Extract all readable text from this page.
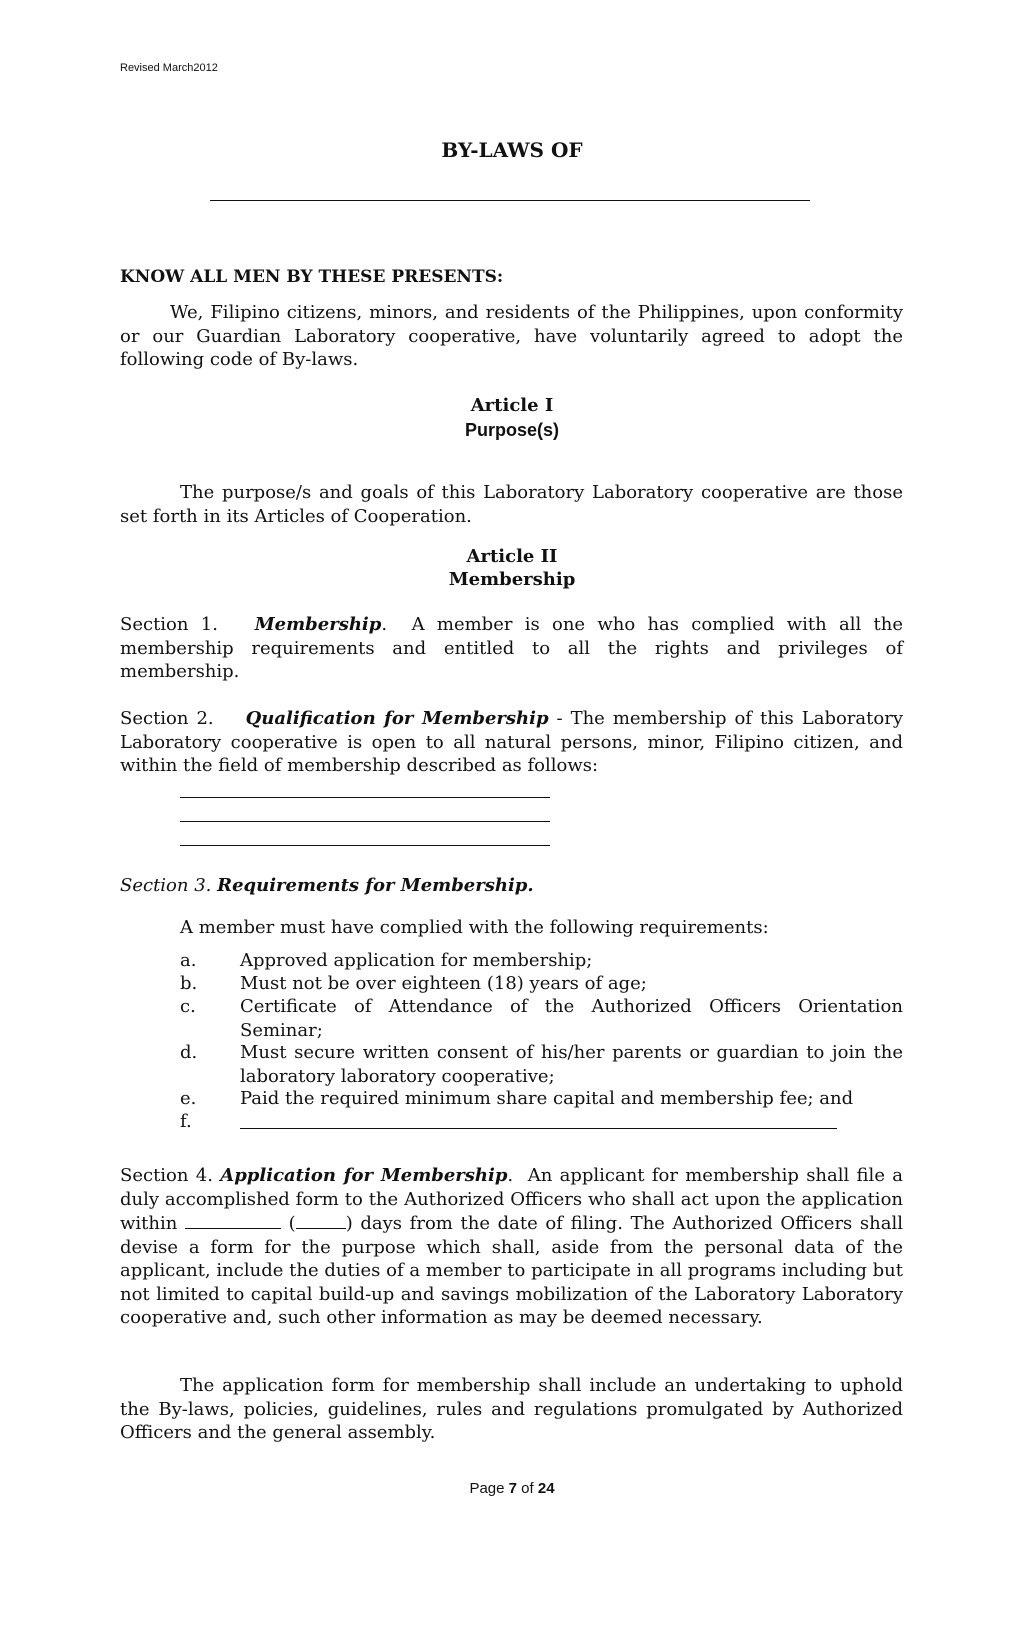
Revised March2012
BY-LAWS OF
KNOW ALL MEN BY THESE PRESENTS:
We, Filipino citizens, minors, and residents of the Philippines, upon conformity or our Guardian Laboratory cooperative, have voluntarily agreed to adopt the following code of By-laws.
Article I
Purpose(s)
The purpose/s and goals of this Laboratory Laboratory cooperative are those set forth in its Articles of Cooperation.
Article II
Membership
Section 1. Membership.  A member is one who has complied with all the membership requirements and entitled to all the rights and privileges of membership.
Section 2. Qualification for Membership - The membership of this Laboratory Laboratory cooperative is open to all natural persons, minor, Filipino citizen, and within the field of membership described as follows:
Section 3. Requirements for Membership.
A member must have complied with the following requirements:
a. Approved application for membership;
b. Must not be over eighteen (18) years of age;
c. Certificate of Attendance of the Authorized Officers Orientation Seminar;
d. Must secure written consent of his/her parents or guardian to join the laboratory laboratory cooperative;
e. Paid the required minimum share capital and membership fee; and
f.
Section 4. Application for Membership.  An applicant for membership shall file a duly accomplished form to the Authorized Officers who shall act upon the application within	(	) days from the date of filing. The Authorized Officers shall devise a form for the purpose which shall, aside from the personal data of the applicant, include the duties of a member to participate in all programs including but not limited to capital build-up and savings mobilization of the Laboratory Laboratory cooperative and, such other information as may be deemed necessary.
The application form for membership shall include an undertaking to uphold the By-laws, policies, guidelines, rules and regulations promulgated by Authorized Officers and the general assembly.
Page 7 of 24
